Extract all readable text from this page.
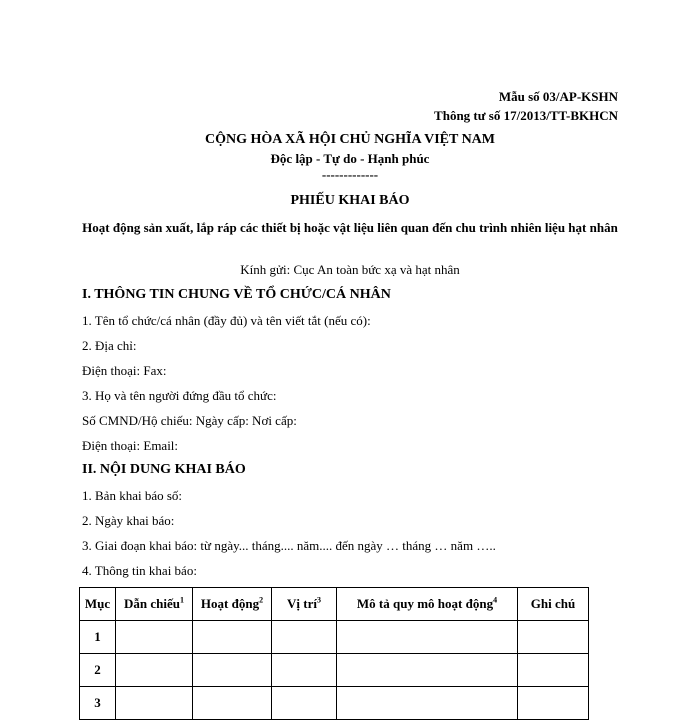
Mẫu số 03/AP-KSHN
Thông tư số 17/2013/TT-BKHCN
CỘNG HÒA XÃ HỘI CHỦ NGHĨA VIỆT NAM
Độc lập - Tự do - Hạnh phúc
-------------
PHIẾU KHAI BÁO
Hoạt động sản xuất, lắp ráp các thiết bị hoặc vật liệu liên quan đến chu trình nhiên liệu hạt nhân
Kính gửi: Cục An toàn bức xạ và hạt nhân
I. THÔNG TIN CHUNG VỀ TỔ CHỨC/CÁ NHÂN
1. Tên tổ chức/cá nhân (đầy đủ) và tên viết tắt (nếu có):
2. Địa chỉ:
Điện thoại: Fax:
3. Họ và tên người đứng đầu tổ chức:
Số CMND/Hộ chiếu: Ngày cấp: Nơi cấp:
Điện thoại: Email:
II. NỘI DUNG KHAI BÁO
1. Bản khai báo số:
2. Ngày khai báo:
3. Giai đoạn khai báo: từ ngày... tháng.... năm.... đến ngày … tháng … năm …..
4. Thông tin khai báo:
Mục	Dẫn chiếu$^1$	Hoạt động$^2$	Vị trí$^3$	Mô tả quy mô hoạt động$^4$	Ghi chú
1					
2					
3					
